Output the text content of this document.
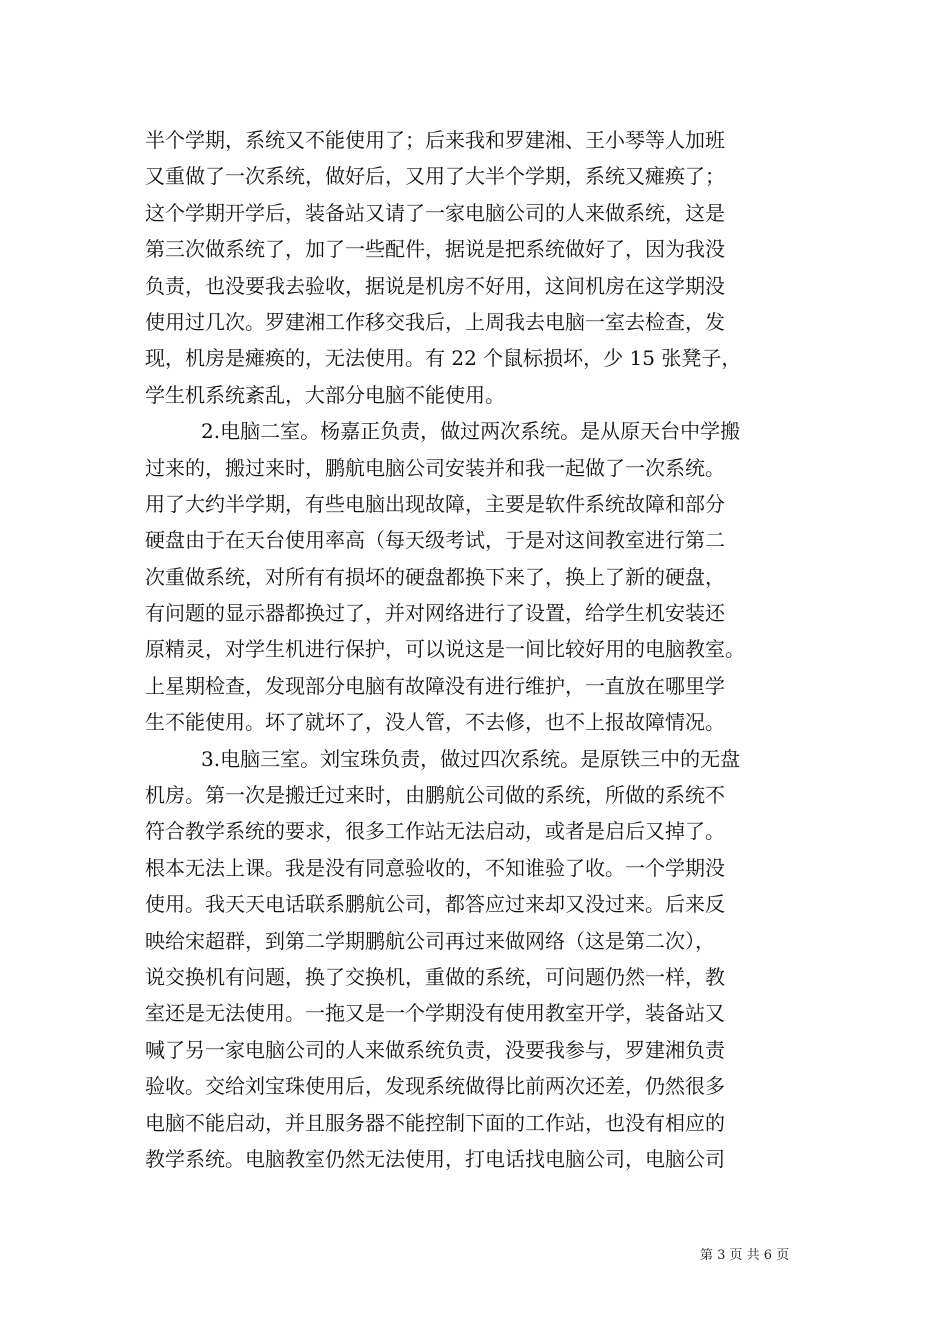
半个学期，系统又不能使用了；后来我和罗建湘、王小琴等人加班
又重做了一次系统，做好后，又用了大半个学期，系统又瘫痪了；
这个学期开学后，装备站又请了一家电脑公司的人来做系统，这是
第三次做系统了，加了一些配件，据说是把系统做好了，因为我没
负责，也没要我去验收，据说是机房不好用，这间机房在这学期没
使用过几次。罗建湘工作移交我后，上周我去电脑一室去检查，发
现，机房是瘫痪的，无法使用。有 22 个鼠标损坏，少 15 张凳子，
学生机系统紊乱，大部分电脑不能使用。
2.电脑二室。杨嘉正负责，做过两次系统。是从原天台中学搬
过来的，搬过来时，鹏航电脑公司安装并和我一起做了一次系统。
用了大约半学期，有些电脑出现故障，主要是软件系统故障和部分
硬盘由于在天台使用率高（每天级考试，于是对这间教室进行第二
次重做系统，对所有有损坏的硬盘都换下来了，换上了新的硬盘，
有问题的显示器都换过了，并对网络进行了设置，给学生机安装还
原精灵，对学生机进行保护，可以说这是一间比较好用的电脑教室。
上星期检查，发现部分电脑有故障没有进行维护，一直放在哪里学
生不能使用。坏了就坏了，没人管，不去修，也不上报故障情况。
3.电脑三室。刘宝珠负责，做过四次系统。是原铁三中的无盘
机房。第一次是搬迁过来时，由鹏航公司做的系统，所做的系统不
符合教学系统的要求，很多工作站无法启动，或者是启后又掉了。
根本无法上课。我是没有同意验收的，不知谁验了收。一个学期没
使用。我天天电话联系鹏航公司，都答应过来却又没过来。后来反
映给宋超群，到第二学期鹏航公司再过来做网络（这是第二次），
说交换机有问题，换了交换机，重做的系统，可问题仍然一样，教
室还是无法使用。一拖又是一个学期没有使用教室开学，装备站又
喊了另一家电脑公司的人来做系统负责，没要我参与，罗建湘负责
验收。交给刘宝珠使用后，发现系统做得比前两次还差，仍然很多
电脑不能启动，并且服务器不能控制下面的工作站，也没有相应的
教学系统。电脑教室仍然无法使用，打电话找电脑公司，电脑公司
第 3 页 共 6 页
